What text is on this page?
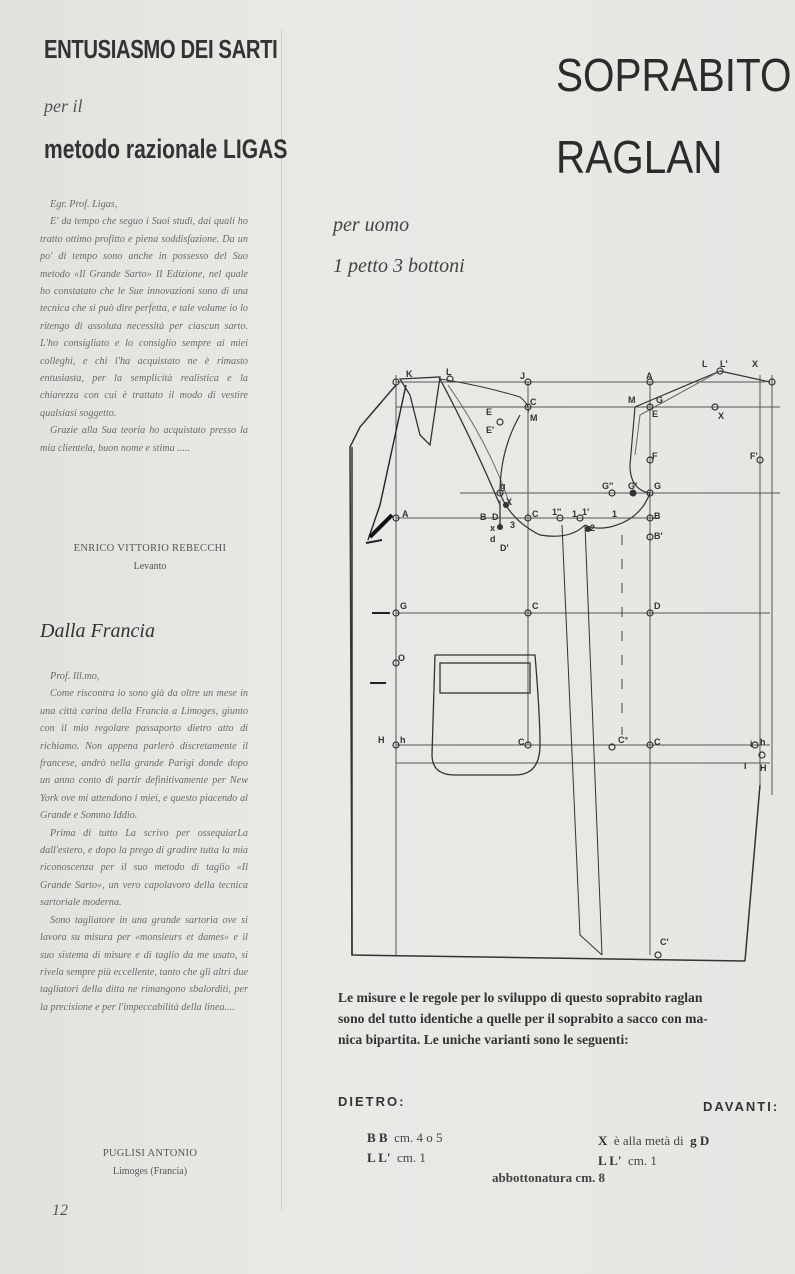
ENTUSIASMO DEI SARTI
per il
metodo razionale LIGAS

Egr. Prof. Ligas,

E' da tempo che seguo i Suoi studi, dai quali ho tratto ottimo profitto e piena soddisfazione. Da un po' di tempo sono anche in possesso del Suo metodo «Il Grande Sarto» II Edizione, nel quale ho constatato che le Sue innovazioni sono di una tecnica che si può dire perfetta, e tale volume io lo ritengo di assoluta necessità per ciascun sarto. L'ho consigliato e lo consiglio sempre ai miei colleghi, e chi l'ha acquistato ne è rimasto entusiasta, per la semplicità realistica e la chiarezza con cui è trattato il modo di vestire qualsiasi soggetto.

Grazie alla Sua teoria ho acquistato presso la mia clientela, buon nome e stima .....

ENRICO VITTORIO REBECCHI
Levanto
Dalla Francia

Prof. Ill.mo,

Come riscontra io sono già da oltre un mese in una città carina della Francia a Limoges, giunto con il mio regolare passaporto dietro atto di richiamo. Non appena parlerò discretamente il francese, andrò nella grande Parigi donde dopo un anno conto di partir definitivamente per New York ove mi attendono i miei, e questo piacendo al Grande e Sommo Iddio.

Prima di tutto La scrivo per ossequiarLa dall'estero, e dopo la prego di gradire tutta la mia riconoscenza per il suo metodo di taglio «Il Grande Sarto», un vero capolavoro della tecnica sartoriale moderna.

Sono tagliatore in una grande sartoria ove si lavora su misura per «monsieurs et dames» e il suo sistema di misure e di taglio da me usato, si rivela sempre più eccellente, tanto che gli altri due tagliatori della ditta ne rimangono sbalorditi, per la precisione e per l'impeccabilità della linea....

PUGLISI ANTONIO
Limoges (Francia)
12
SOPRABITO
RAGLAN
per uomo
1 petto 3 bottoni
K	L	J	A
L L'	X
C
M
E
E'
M
E
G
X
F	F'
G'' G' G
g
X
A	B D
3
C 1'' 1 1'
2
1	B
B'
x
d
D'
G	C	D
O
H h	C	C°	C	i h
I H
C'
Le misure e le regole per lo sviluppo di questo soprabito raglan
sono del tutto identiche a quelle per il soprabito a sacco con ma-
nica bipartita. Le uniche varianti sono le seguenti:
DIETRO:	DAVANTI:
B B cm. 4 o 5
L L' cm. 1
X è alla metà di g D
L L' cm. 1
abbottonatura cm. 8
